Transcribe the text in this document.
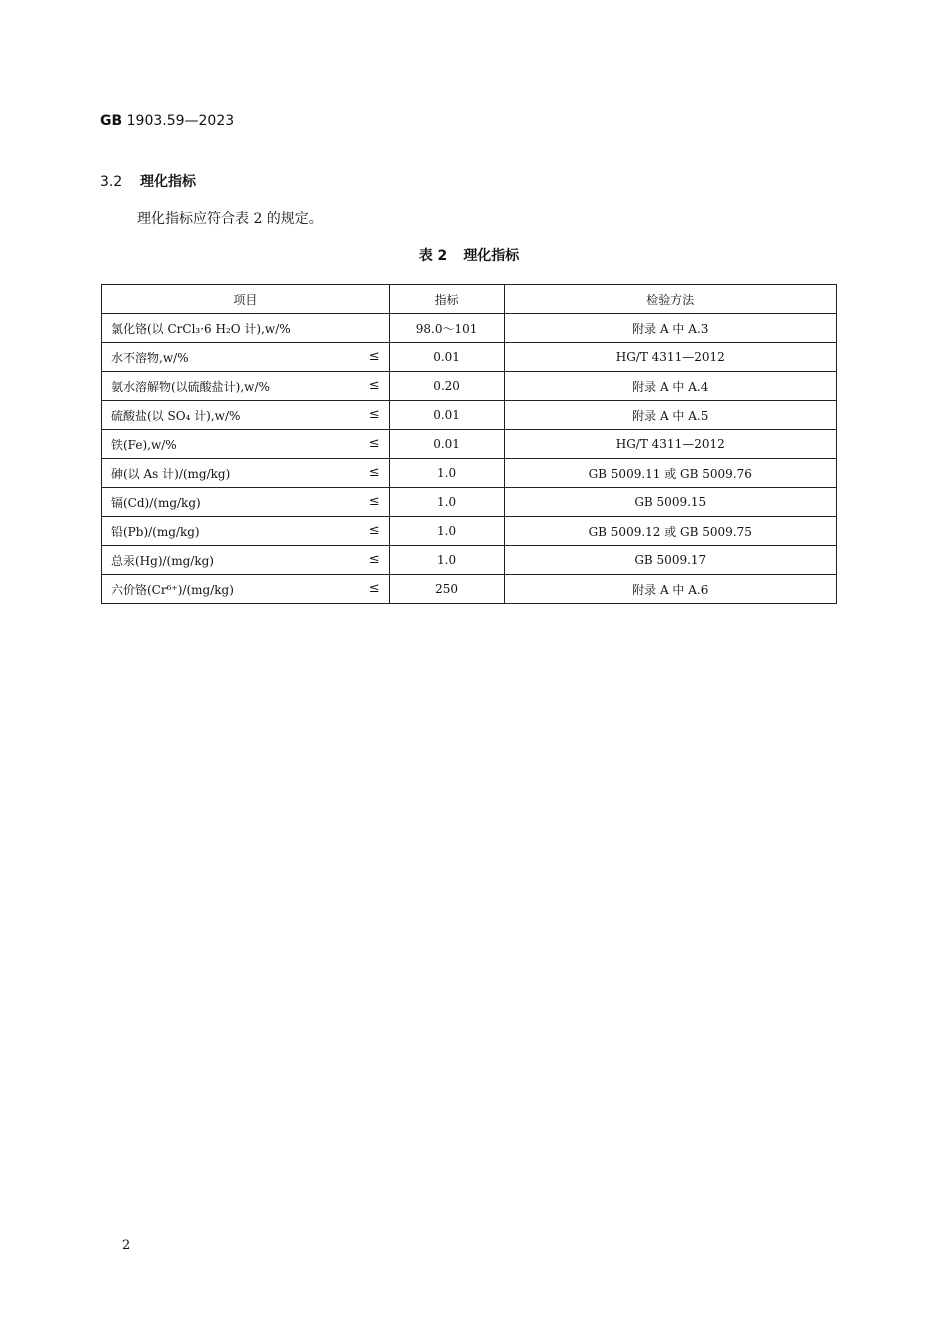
GB 1903.59—2023
3.2 理化指标
理化指标应符合表 2 的规定。
表 2 理化指标
项目	指标	检验方法
氯化铬(以 CrCl₃·6 H₂O 计),w/%	98.0～101	附录 A 中 A.3
水不溶物,w/% ≤	0.01	HG/T 4311—2012
氨水溶解物(以硫酸盐计),w/% ≤	0.20	附录 A 中 A.4
硫酸盐(以 SO₄ 计),w/% ≤	0.01	附录 A 中 A.5
铁(Fe),w/% ≤	0.01	HG/T 4311—2012
砷(以 As 计)/(mg/kg) ≤	1.0	GB 5009.11 或 GB 5009.76
镉(Cd)/(mg/kg) ≤	1.0	GB 5009.15
铅(Pb)/(mg/kg) ≤	1.0	GB 5009.12 或 GB 5009.75
总汞(Hg)/(mg/kg) ≤	1.0	GB 5009.17
六价铬(Cr⁶⁺)/(mg/kg) ≤	250	附录 A 中 A.6
2
